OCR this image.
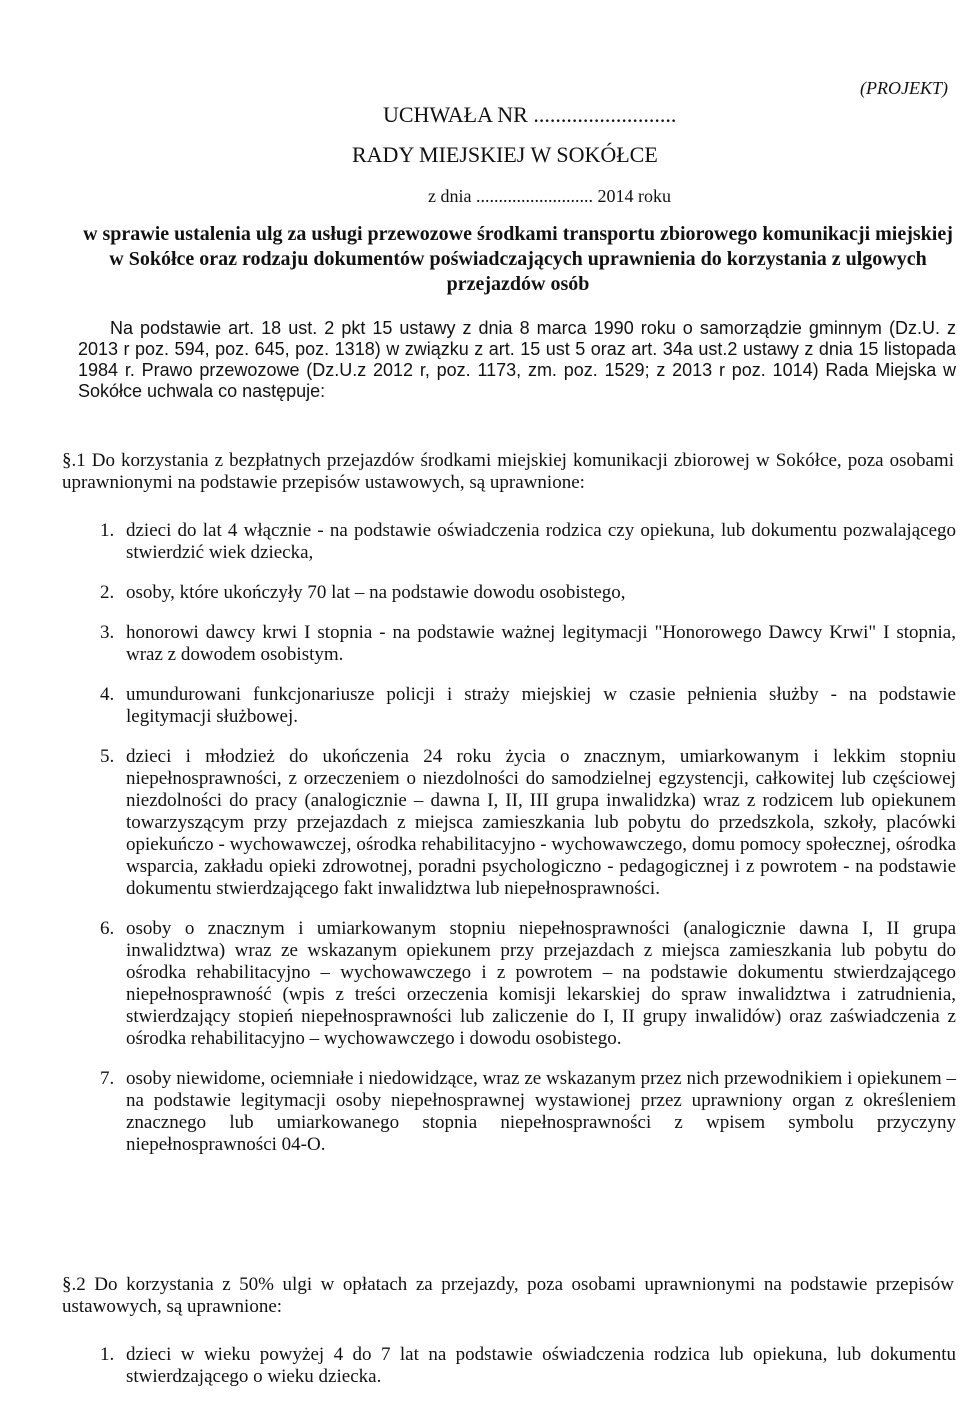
(PROJEKT)
UCHWAŁA NR ..........................
RADY MIEJSKIEJ W SOKÓŁCE
z dnia .......................... 2014 roku
w sprawie ustalenia ulg za usługi przewozowe środkami transportu zbiorowego komunikacji miejskiej w Sokółce oraz rodzaju dokumentów poświadczających uprawnienia do korzystania z ulgowych przejazdów osób
Na podstawie art. 18 ust. 2 pkt 15 ustawy z dnia 8 marca 1990 roku o samorządzie gminnym (Dz.U. z 2013 r poz. 594, poz. 645, poz. 1318) w związku z art. 15 ust 5 oraz art. 34a ust.2 ustawy z dnia 15 listopada 1984 r. Prawo przewozowe (Dz.U.z 2012 r, poz. 1173, zm. poz. 1529; z 2013 r poz. 1014) Rada Miejska w Sokółce uchwala co następuje:
§.1 Do korzystania z bezpłatnych przejazdów środkami miejskiej komunikacji zbiorowej w Sokółce, poza osobami uprawnionymi na podstawie przepisów ustawowych, są uprawnione:
1. dzieci do lat 4 włącznie - na podstawie oświadczenia rodzica czy opiekuna, lub dokumentu pozwalającego stwierdzić wiek dziecka,
2. osoby, które ukończyły 70 lat – na podstawie dowodu osobistego,
3. honorowi dawcy krwi I stopnia - na podstawie ważnej legitymacji "Honorowego Dawcy Krwi" I stopnia, wraz z dowodem osobistym.
4. umundurowani funkcjonariusze policji i straży miejskiej w czasie pełnienia służby - na podstawie legitymacji służbowej.
5. dzieci i młodzież do ukończenia 24 roku życia o znacznym, umiarkowanym i lekkim stopniu niepełnosprawności, z orzeczeniem o niezdolności do samodzielnej egzystencji, całkowitej lub częściowej niezdolności do pracy (analogicznie – dawna I, II, III grupa inwalidzka) wraz z rodzicem lub opiekunem towarzyszącym przy przejazdach z miejsca zamieszkania lub pobytu do przedszkola, szkoły, placówki opiekuńczo - wychowawczej, ośrodka rehabilitacyjno - wychowawczego, domu pomocy społecznej, ośrodka wsparcia, zakładu opieki zdrowotnej, poradni psychologiczno - pedagogicznej i z powrotem - na podstawie dokumentu stwierdzającego fakt inwalidztwa lub niepełnosprawności.
6. osoby o znacznym i umiarkowanym stopniu niepełnosprawności (analogicznie dawna I, II grupa inwalidztwa) wraz ze wskazanym opiekunem przy przejazdach z miejsca zamieszkania lub pobytu do ośrodka rehabilitacyjno – wychowawczego i z powrotem – na podstawie dokumentu stwierdzającego niepełnosprawność (wpis z treści orzeczenia komisji lekarskiej do spraw inwalidztwa i zatrudnienia, stwierdzający stopień niepełnosprawności lub zaliczenie do I, II grupy inwalidów) oraz zaświadczenia z ośrodka rehabilitacyjno – wychowawczego i dowodu osobistego.
7. osoby niewidome, ociemniałe i niedowidzące, wraz ze wskazanym przez nich przewodnikiem i opiekunem – na podstawie legitymacji osoby niepełnosprawnej wystawionej przez uprawniony organ z określeniem znacznego lub umiarkowanego stopnia niepełnosprawności z wpisem symbolu przyczyny niepełnosprawności 04-O.
§.2 Do korzystania z 50% ulgi w opłatach za przejazdy, poza osobami uprawnionymi na podstawie przepisów ustawowych, są uprawnione:
1. dzieci w wieku powyżej 4 do 7 lat na podstawie oświadczenia rodzica lub opiekuna, lub dokumentu stwierdzającego o wieku dziecka.
